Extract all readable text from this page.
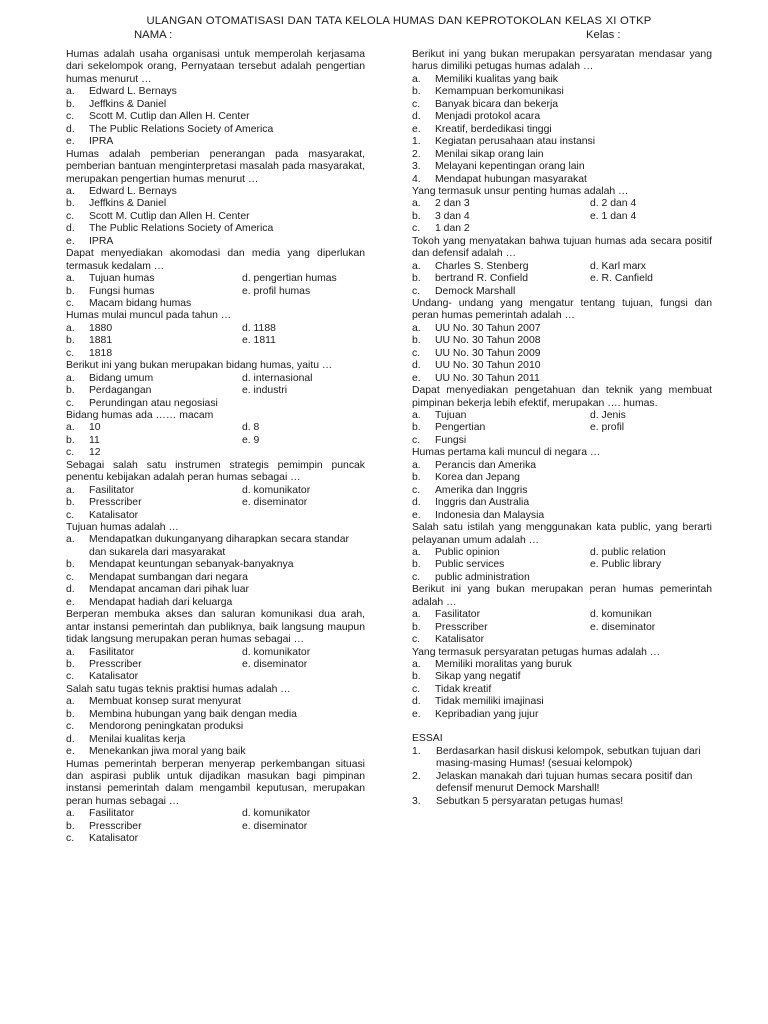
ULANGAN OTOMATISASI DAN TATA KELOLA HUMAS DAN KEPROTOKOLAN KELAS XI OTKP
NAMA :	Kelas :
Humas adalah usaha organisasi untuk memperolah kerjasama dari sekelompok orang, Pernyataan tersebut adalah pengertian humas menurut …
a. Edward L. Bernays
b. Jeffkins & Daniel
c. Scott M. Cutlip dan Allen H. Center
d. The Public Relations Society of America
e. IPRA
Humas adalah pemberian penerangan pada masyarakat, pemberian bantuan menginterpretasi masalah pada masyarakat, merupakan pengertian humas menurut …
a. Edward L. Bernays
b. Jeffkins & Daniel
c. Scott M. Cutlip dan Allen H. Center
d. The Public Relations Society of America
e. IPRA
Dapat menyediakan akomodasi dan media yang diperlukan termasuk kedalam …
a. Tujuan humas	d. pengertian humas
b. Fungsi humas	e. profil humas
c. Macam bidang humas
Humas mulai muncul pada tahun …
a. 1880	d. 1188
b. 1881	e. 1811
c. 1818
Berikut ini yang bukan merupakan bidang humas, yaitu …
a. Bidang umum	d. internasional
b. Perdagangan	e. industri
c. Perundingan atau negosiasi
Bidang humas ada …… macam
a. 10	d. 8
b. 11	e. 9
c. 12
Sebagai salah satu instrumen strategis pemimpin puncak penentu kebijakan adalah peran humas sebagai …
a. Fasilitator	d. komunikator
b. Presscriber	e. diseminator
c. Katalisator
Tujuan humas adalah …
a. Mendapatkan dukunganyang diharapkan secara standar dan sukarela dari masyarakat
b. Mendapat keuntungan sebanyak-banyaknya
c. Mendapat sumbangan dari negara
d. Mendapat ancaman dari pihak luar
e. Mendapat hadiah dari keluarga
Berperan membuka akses dan saluran komunikasi dua arah, antar instansi pemerintah dan publiknya, baik langsung maupun tidak langsung merupakan peran humas sebagai …
a. Fasilitator	d. komunikator
b. Presscriber	e. diseminator
c. Katalisator
Salah satu tugas teknis praktisi humas adalah …
a. Membuat konsep surat menyurat
b. Membina hubungan yang baik dengan media
c. Mendorong peningkatan produksi
d. Menilai kualitas kerja
e. Menekankan jiwa moral yang baik
Humas pemerintah berperan menyerap perkembangan situasi dan aspirasi publik untuk dijadikan masukan bagi pimpinan instansi pemerintah dalam mengambil keputusan, merupakan peran humas sebagai …
a. Fasilitator	d. komunikator
b. Presscriber	e. diseminator
c. Katalisator
Berikut ini yang bukan merupakan persyaratan mendasar yang harus dimiliki petugas humas adalah …
a. Memiliki kualitas yang baik
b. Kemampuan berkomunikasi
c. Banyak bicara dan bekerja
d. Menjadi protokol acara
e. Kreatif, berdedikasi tinggi
1. Kegiatan perusahaan atau instansi
2. Menilai sikap orang lain
3. Melayani kepentingan orang lain
4. Mendapat hubungan masyarakat
Yang termasuk unsur penting humas adalah …
a. 2 dan 3	d. 2 dan 4
b. 3 dan 4	e. 1 dan 4
c. 1 dan 2
Tokoh yang menyatakan bahwa tujuan humas ada secara positif dan defensif adalah …
a. Charles S. Stenberg	d. Karl marx
b. bertrand R. Confield	e. R. Canfield
c. Demock Marshall
Undang- undang yang mengatur tentang tujuan, fungsi dan peran humas pemerintah adalah …
a. UU No. 30 Tahun 2007
b. UU No. 30 Tahun 2008
c. UU No. 30 Tahun 2009
d. UU No. 30 Tahun 2010
e. UU No. 30 Tahun 2011
Dapat menyediakan pengetahuan dan teknik yang membuat pimpinan bekerja lebih efektif, merupakan …. humas.
a. Tujuan	d. Jenis
b. Pengertian	e. profil
c. Fungsi
Humas pertama kali muncul di negara …
a. Perancis dan Amerika
b. Korea dan Jepang
c. Amerika dan Inggris
d. Inggris dan Australia
e. Indonesia dan Malaysia
Salah satu istilah yang menggunakan kata public, yang berarti pelayanan umum adalah …
a. Public opinion	d. public relation
b. Public services	e. Public library
c. public administration
Berikut ini yang bukan merupakan peran humas pemerintah adalah …
a. Fasilitator	d. komunikan
b. Presscriber	e. diseminator
c. Katalisator
Yang termasuk persyaratan petugas humas adalah …
a. Memiliki moralitas yang buruk
b. Sikap yang negatif
c. Tidak kreatif
d. Tidak memiliki imajinasi
e. Kepribadian yang jujur
ESSAI
1. Berdasarkan hasil diskusi kelompok, sebutkan tujuan dari masing-masing Humas! (sesuai kelompok)
2. Jelaskan manakah dari tujuan humas secara positif dan defensif menurut Demock Marshall!
3. Sebutkan 5 persyaratan petugas humas!
